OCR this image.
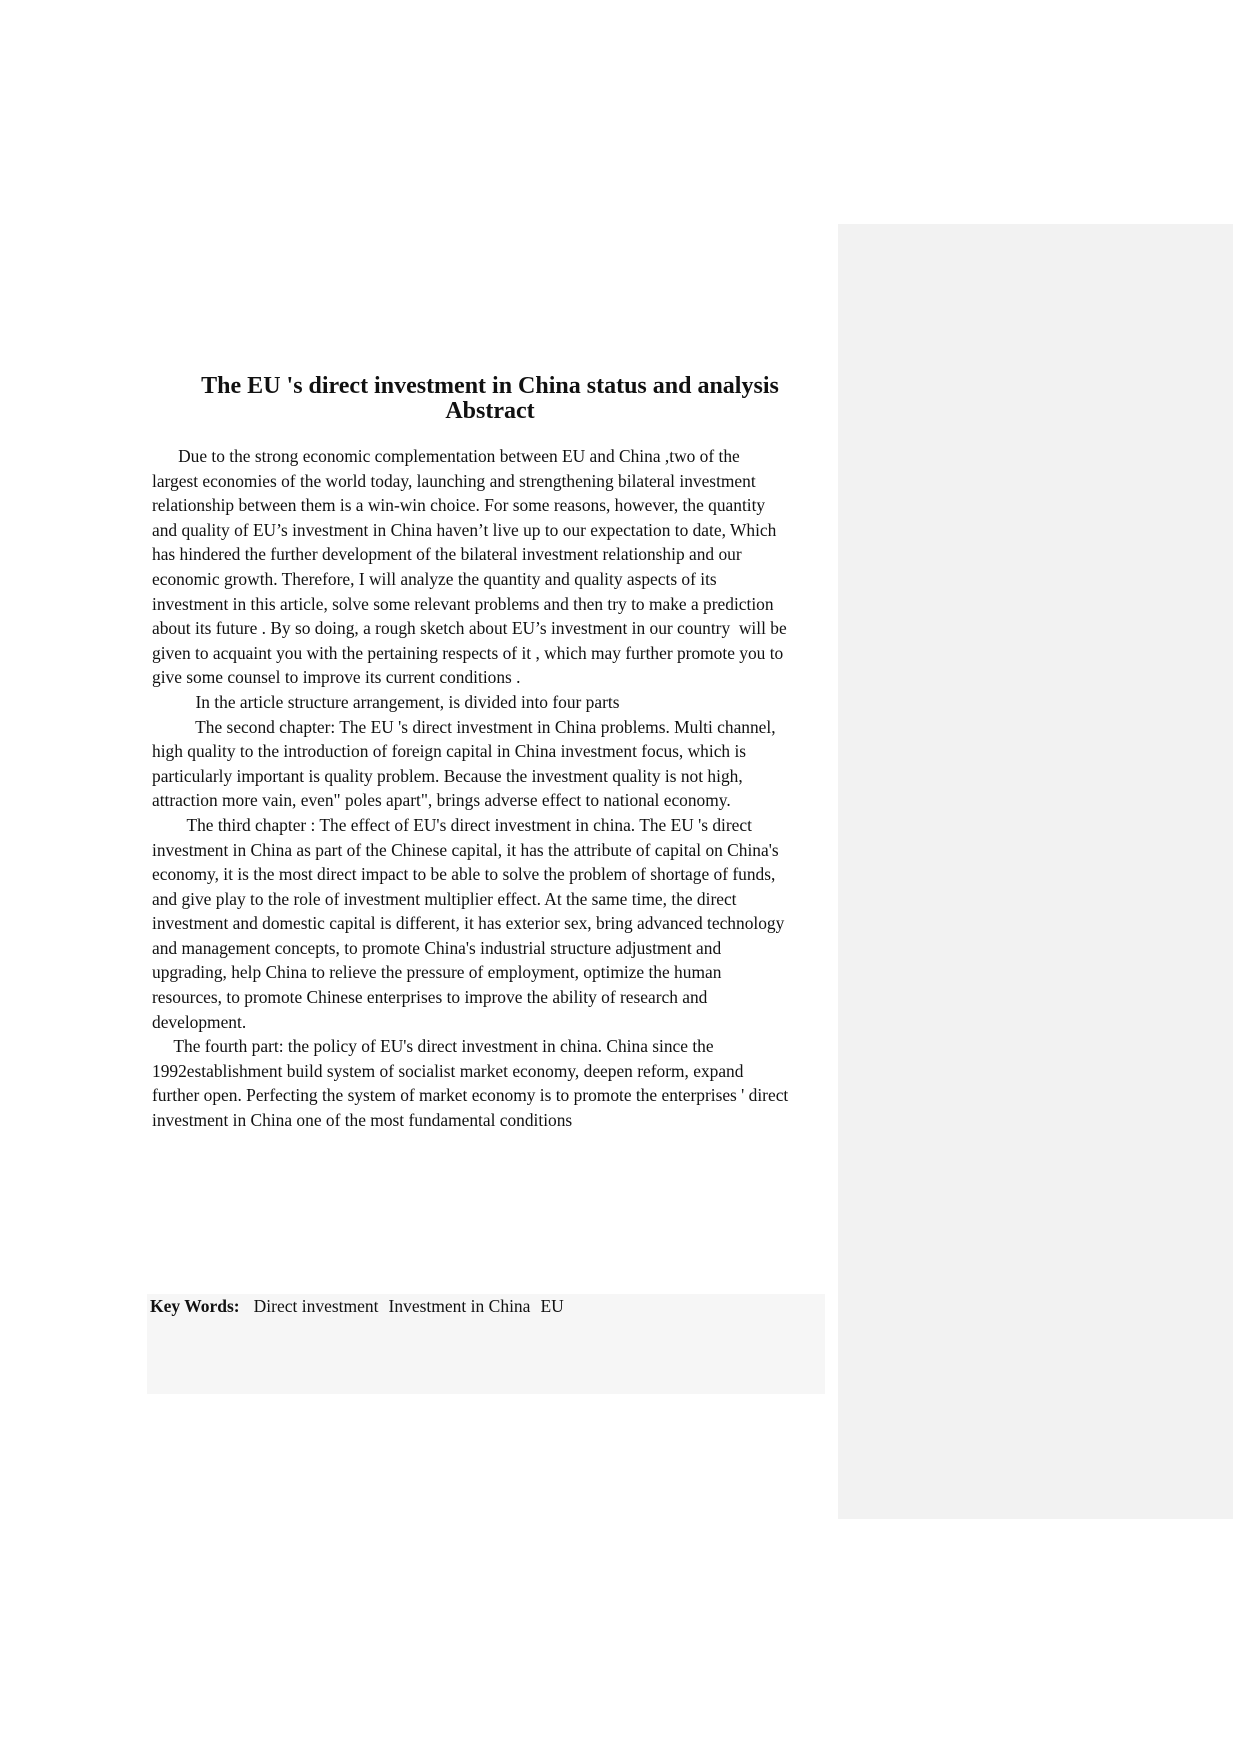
The EU 's direct investment in China status and analysis
Abstract
Due to the strong economic complementation between EU and China ,two of the
largest economies of the world today, launching and strengthening bilateral investment
relationship between them is a win-win choice. For some reasons, however, the quantity
and quality of EU’s investment in China haven’t live up to our expectation to date, Which
has hindered the further development of the bilateral investment relationship and our
economic growth. Therefore, I will analyze the quantity and quality aspects of its
investment in this article, solve some relevant problems and then try to make a prediction
about its future . By so doing, a rough sketch about EU’s investment in our country  will be
given to acquaint you with the pertaining respects of it , which may further promote you to
give some counsel to improve its current conditions .
In the article structure arrangement, is divided into four parts
The second chapter: The EU 's direct investment in China problems. Multi channel,
high quality to the introduction of foreign capital in China investment focus, which is
particularly important is quality problem. Because the investment quality is not high,
attraction more vain, even" poles apart", brings adverse effect to national economy.
The third chapter : The effect of EU's direct investment in china. The EU 's direct
investment in China as part of the Chinese capital, it has the attribute of capital on China's
economy, it is the most direct impact to be able to solve the problem of shortage of funds,
and give play to the role of investment multiplier effect. At the same time, the direct
investment and domestic capital is different, it has exterior sex, bring advanced technology
and management concepts, to promote China's industrial structure adjustment and
upgrading, help China to relieve the pressure of employment, optimize the human
resources, to promote Chinese enterprises to improve the ability of research and
development.
The fourth part: the policy of EU's direct investment in china. China since the
1992establishment build system of socialist market economy, deepen reform, expand
further open. Perfecting the system of market economy is to promote the enterprises ' direct
investment in China one of the most fundamental conditions
Key Words: Direct investment Investment in China EU
